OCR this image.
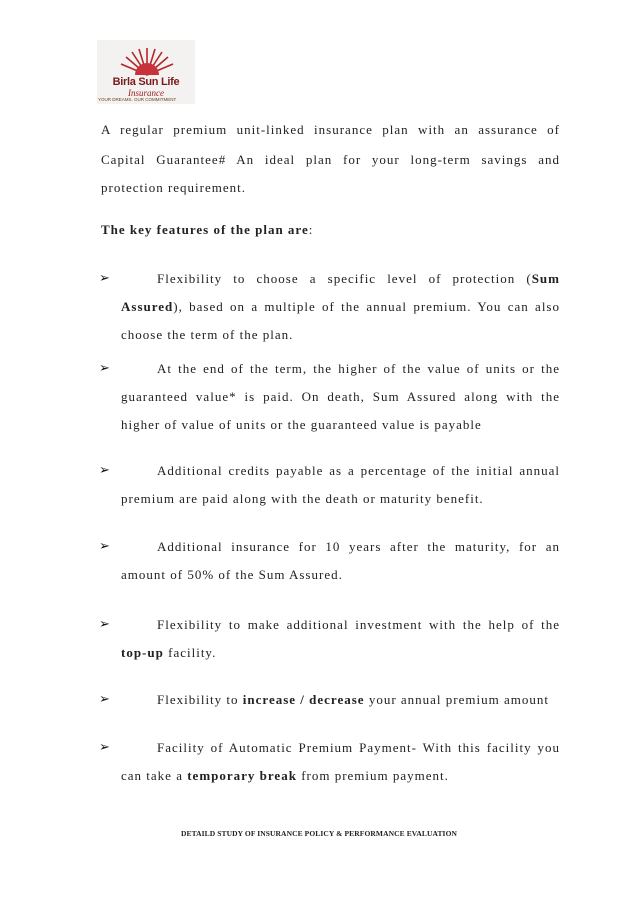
Birla Sun Life
Insurance
YOUR DREAMS. OUR COMMITMENT
A regular premium unit-linked insurance plan with an assurance of
Capital Guarantee# An ideal plan for your long-term savings and
protection requirement.
The key features of the plan are:
➢	Flexibility to choose a specific level of protection (Sum
Assured), based on a multiple of the annual premium. You can also
choose the term of the plan.
➢	At the end of the term, the higher of the value of units or the
guaranteed value* is paid. On death, Sum Assured along with the
higher of value of units or the guaranteed value is payable
➢	Additional credits payable as a percentage of the initial annual
premium are paid along with the death or maturity benefit.
➢	Additional insurance for 10 years after the maturity, for an
amount of 50% of the Sum Assured.
➢	Flexibility to make additional investment with the help of the
top-up facility.
➢	Flexibility to increase / decrease your annual premium amount
➢	Facility of Automatic Premium Payment- With this facility you
can take a temporary break from premium payment.
DETAILD STUDY OF INSURANCE POLICY & PERFORMANCE EVALUATION
